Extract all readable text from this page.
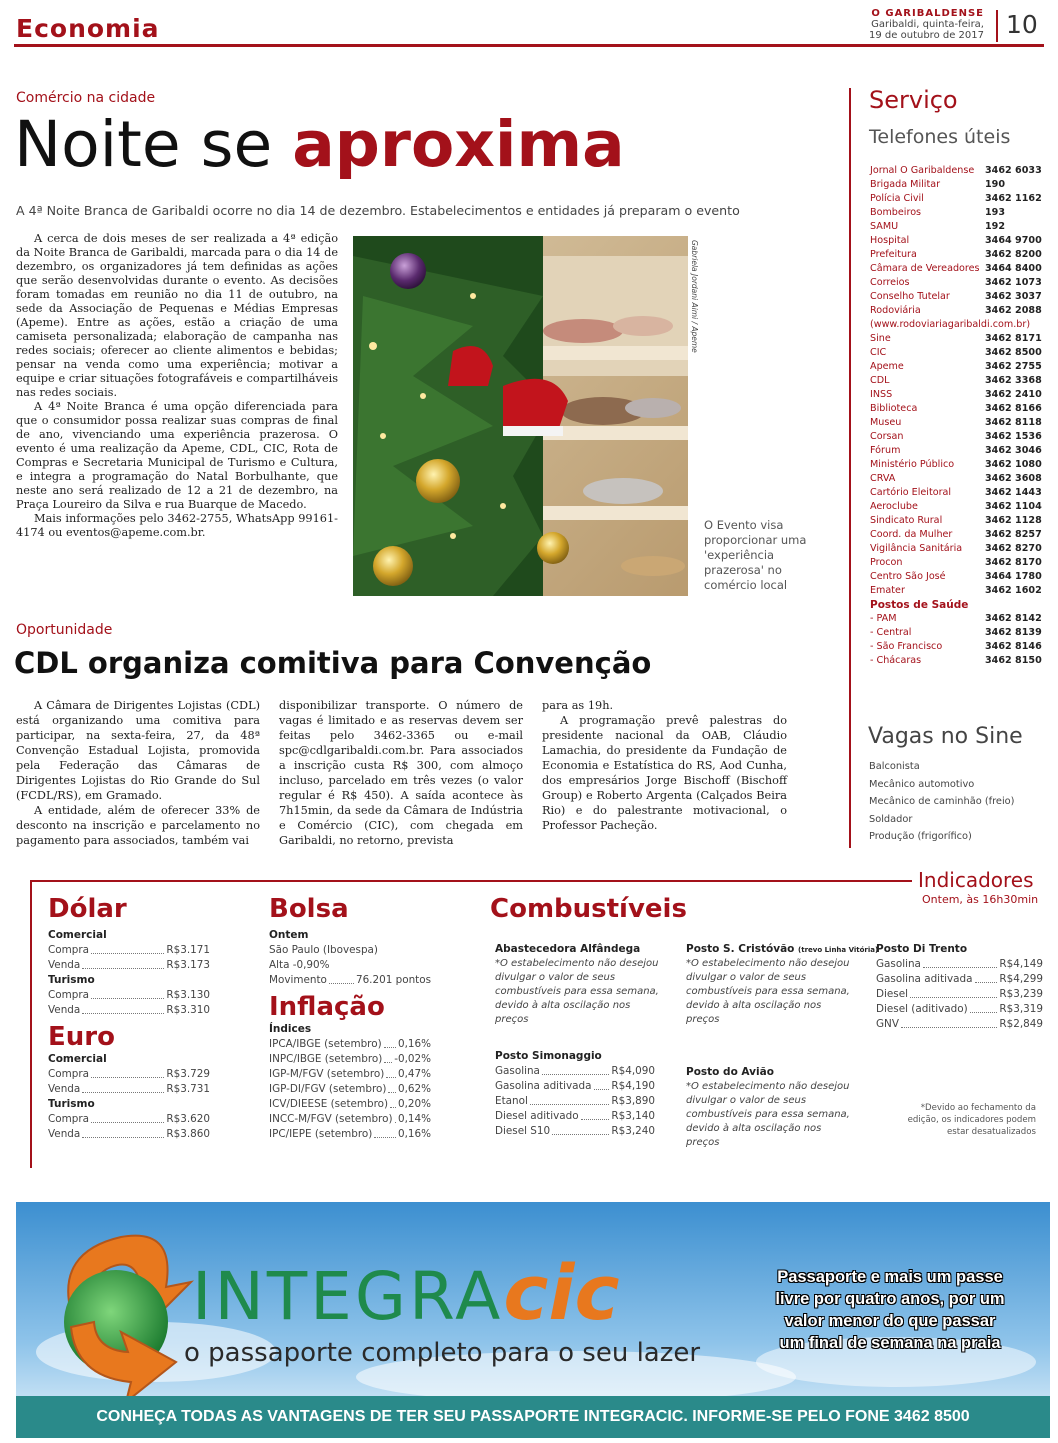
Economia
O GARIBALDENSE
Garibaldi, quinta-feira,
19 de outubro de 2017 10
Comércio na cidade
Noite se aproxima
A 4ª Noite Branca de Garibaldi ocorre no dia 14 de dezembro. Estabelecimentos e entidades já preparam o evento

A cerca de dois meses de ser realizada a 4ª edição da Noite Branca de Garibaldi, marcada para o dia 14 de dezembro, os organizadores já tem definidas as ações que serão desenvolvidas durante o evento. As decisões foram tomadas em reunião no dia 11 de outubro, na sede da Associação de Pequenas e Médias Empresas (Apeme). Entre as ações, estão a criação de uma camiseta personalizada; elaboração de campanha nas redes sociais; oferecer ao cliente alimentos e bebidas; pensar na venda como uma experiência; motivar a equipe e criar situações fotografáveis e compartilháveis nas redes sociais.

A 4ª Noite Branca é uma opção diferenciada para que o consumidor possa realizar suas compras de final de ano, vivenciando uma experiência prazerosa. O evento é uma realização da Apeme, CDL, CIC, Rota de Compras e Secretaria Municipal de Turismo e Cultura, e integra a programação do Natal Borbulhante, que neste ano será realizado de 12 a 21 de dezembro, na Praça Loureiro da Silva e rua Buarque de Macedo.

Mais informações pelo 3462-2755, WhatsApp 99161-4174 ou eventos@apeme.com.br.

Gabriela Jordani Aimi / Apeme
O Evento visa proporcionar uma 'experiência prazerosa' no comércio local
Oportunidade
CDL organiza comitiva para Convenção

A Câmara de Dirigentes Lojistas (CDL) está organizando uma comitiva para participar, na sexta-feira, 27, da 48ª Convenção Estadual Lojista, promovida pela Federação das Câmaras de Dirigentes Lojistas do Rio Grande do Sul (FCDL/RS), em Gramado.

A entidade, além de oferecer 33% de desconto na inscrição e parcelamento no pagamento para associados, também vai

disponibilizar transporte. O número de vagas é limitado e as reservas devem ser feitas pelo 3462-3365 ou e-mail spc@cdlgaribaldi.com.br. Para associados a inscrição custa R$ 300, com almoço incluso, parcelado em três vezes (o valor regular é R$ 450). A saída acontece às 7h15min, da sede da Câmara de Indústria e Comércio (CIC), com chegada em Garibaldi, no retorno, prevista

para as 19h.

A programação prevê palestras do presidente nacional da OAB, Cláudio Lamachia, do presidente da Fundação de Economia e Estatística do RS, Aod Cunha, dos empresários Jorge Bischoff (Bischoff Group) e Roberto Argenta (Calçados Beira Rio) e do palestrante motivacional, o Professor Pacheção.

Serviço
Telefones úteis
Jornal O Garibaldense 3462 6033
Brigada Militar	190
Polícia Civil	3462 1162
Bombeiros	193
SAMU	192
Hospital	3464 9700
Prefeitura	3462 8200
Câmara de Vereadores 3464 8400
Correios	3462 1073
Conselho Tutelar	3462 3037
Rodoviária	3462 2088
(www.rodoviariagaribaldi.com.br)
Sine	3462 8171
CIC	3462 8500
Apeme	3462 2755
CDL	3462 3368
INSS	3462 2410
Biblioteca	3462 8166
Museu	3462 8118
Corsan	3462 1536
Fórum	3462 3046
Ministério Público	3462 1080
CRVA	3462 3608
Cartório Eleitoral	3462 1443
Aeroclube	3462 1104
Sindicato Rural	3462 1128
Coord. da Mulher	3462 8257
Vigilância Sanitária 3462 8270
Procon	3462 8170
Centro São José	3464 1780
Emater	3462 1602
Postos de Saúde
- PAM	3462 8142
- Central	3462 8139
- São Francisco	3462 8146
- Chácaras	3462 8150
Vagas no Sine
Balconista
Mecânico automotivo
Mecânico de caminhão (freio)
Soldador
Produção (frigorífico)
Indicadores
Ontem, às 16h30min
Dólar
Comercial
Compra	R$3.171
Venda	R$3.173
Turismo
Compra	R$3.130
Venda	R$3.310
Euro
Comercial
Compra	R$3.729
Venda	R$3.731
Turismo
Compra	R$3.620
Venda	R$3.860
Bolsa
Ontem
São Paulo (Ibovespa)
Alta -0,90%
Movimento	76.201 pontos
Inflação
Índices
IPCA/IBGE (setembro) 0,16%
INPC/IBGE (setembro) -0,02%
IGP-M/FGV (setembro) 0,47%
IGP-DI/FGV (setembro) 0,62%
ICV/DIEESE (setembro) 0,20%
INCC-M/FGV (setembro) 0,14%
IPC/IEPE (setembro) 0,16%
Combustíveis
Abastecedora Alfândega
*O estabelecimento não desejou divulgar o valor de seus combustíveis para essa semana, devido à alta oscilação nos preços
Posto S. Cristóvão (trevo Linha Vitória)
*O estabelecimento não desejou divulgar o valor de seus combustíveis para essa semana, devido à alta oscilação nos preços
Posto Di Trento
Gasolina	R$4,149
Gasolina aditivada	R$4,299
Diesel	R$3,239
Diesel (aditivado)	R$3,319
GNV	R$2,849
Posto Simonaggio
Gasolina	R$4,090
Gasolina aditivada R$4,190
Etanol	R$3,890
Diesel aditivado	R$3,140
Diesel S10	R$3,240
Posto do Avião
*O estabelecimento não desejou divulgar o valor de seus combustíveis para essa semana, devido à alta oscilação nos preços
*Devido ao fechamento da edição, os indicadores podem estar desatualizados
INTEGRAcic
o passaporte completo para o seu lazer
Passaporte e mais um passe
livre por quatro anos, por um
valor menor do que passar
um final de semana na praia
CONHEÇA TODAS AS VANTAGENS DE TER SEU PASSAPORTE INTEGRACIC. INFORME-SE PELO FONE 3462 8500
